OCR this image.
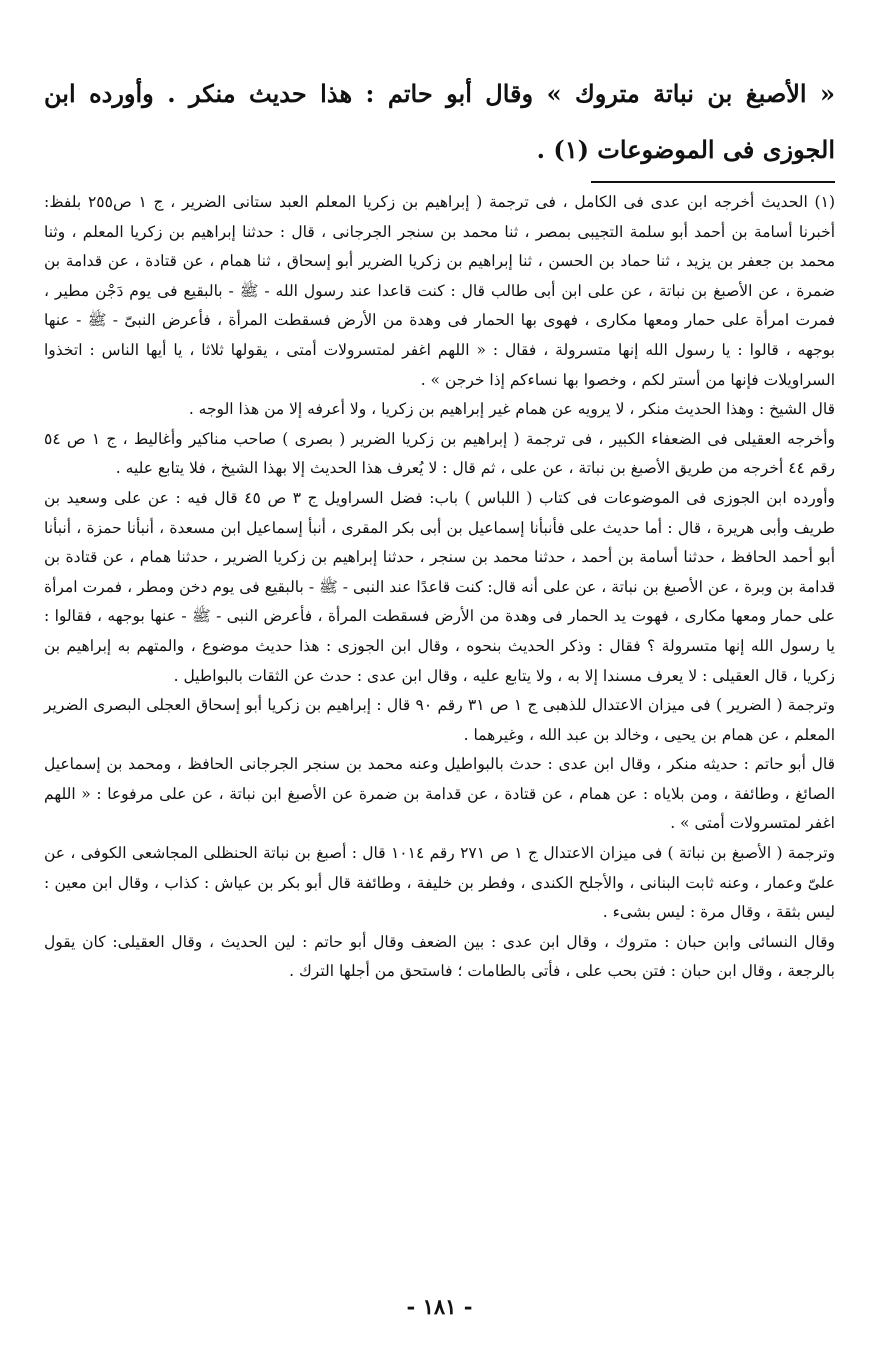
« الأصبغ بن نباتة متروك » وقال أبو حاتم : هذا حديث منكر . وأورده ابن الجوزى فى الموضوعات (١) .

(١) الحديث أخرجه ابن عدى فى الكامل ، فى ترجمة ( إبراهيم بن زكريا المعلم العبد ستانى الضرير ، ج ١ ص٢٥٥ بلفظ: أخبرنا أسامة بن أحمد أبو سلمة التجيبى بمصر ، ثنا محمد بن سنجر الجرجانى ، قال : حدثنا إبراهيم بن زكريا المعلم ، وثنا محمد بن جعفر بن يزيد ، ثنا حماد بن الحسن ، ثنا إبراهيم بن زكريا الضرير أبو إسحاق ، ثنا همام ، عن قتادة ، عن قدامة بن ضمرة ، عن الأصبغ بن نباتة ، عن على ابن أبى طالب قال : كنت قاعدا عند رسول الله - ﷺ - بالبقيع فى يوم دَجْن مطير ، فمرت امرأة على حمار ومعها مكارى ، فهوى بها الحمار فى وهدة من الأرض فسقطت المرأة ، فأعرض النبىّ - ﷺ - عنها بوجهه ، قالوا : يا رسول الله إنها متسرولة ، فقال : « اللهم اغفر لمتسرولات أمتى ، يقولها ثلاثا ، يا أيها الناس : اتخذوا السراويلات فإنها من أستر لكم ، وخصوا بها نساءكم إذا خرجن » .

قال الشيخ : وهذا الحديث منكر ، لا يرويه عن همام غير إبراهيم بن زكريا ، ولا أعرفه إلا من هذا الوجه .

وأخرجه العقيلى فى الضعفاء الكبير ، فى ترجمة ( إبراهيم بن زكريا الضرير ( بصرى ) صاحب مناكير وأغاليط ، ج ١ ص ٥٤ رقم ٤٤ أخرجه من طريق الأصبغ بن نباتة ، عن على ، ثم قال : لا يُعرف هذا الحديث إلا بهذا الشيخ ، فلا يتابع عليه .

وأورده ابن الجوزى فى الموضوعات فى كتاب ( اللباس ) باب: فضل السراويل ج ٣ ص ٤٥ قال فيه : عن على وسعيد بن طريف وأبى هريرة ، قال : أما حديث على فأنبأنا إسماعيل بن أبى بكر المقرى ، أنبأ إسماعيل ابن مسعدة ، أنبأنا حمزة ، أنبأنا أبو أحمد الحافظ ، حدثنا أسامة بن أحمد ، حدثنا محمد بن سنجر ، حدثنا إبراهيم بن زكريا الضرير ، حدثنا همام ، عن قتادة بن قدامة بن وبرة ، عن الأصبغ بن نباتة ، عن على أنه قال: كنت قاعدًا عند النبى - ﷺ - بالبقيع فى يوم دخن ومطر ، فمرت امرأة على حمار ومعها مكارى ، فهوت يد الحمار فى وهدة من الأرض فسقطت المرأة ، فأعرض النبى - ﷺ - عنها بوجهه ، فقالوا : يا رسول الله إنها متسرولة ؟ فقال : وذكر الحديث بنحوه ، وقال ابن الجوزى : هذا حديث موضوع ، والمتهم به إبراهيم بن زكريا ، قال العقيلى : لا يعرف مسندا إلا به ، ولا يتابع عليه ، وقال ابن عدى : حدث عن الثقات بالبواطيل .

وترجمة ( الضرير ) فى ميزان الاعتدال للذهبى ج ١ ص ٣١ رقم ٩٠ قال : إبراهيم بن زكريا أبو إسحاق العجلى البصرى الضرير المعلم ، عن همام بن يحيى ، وخالد بن عبد الله ، وغيرهما .

قال أبو حاتم : حديثه منكر ، وقال ابن عدى : حدث بالبواطيل وعنه محمد بن سنجر الجرجانى الحافظ ، ومحمد بن إسماعيل الصائغ ، وطائفة ، ومن بلاياه : عن همام ، عن قتادة ، عن قدامة بن ضمرة عن الأصبغ ابن نباتة ، عن على مرفوعا : « اللهم اغفر لمتسرولات أمتى » .

وترجمة ( الأصبغ بن نباتة ) فى ميزان الاعتدال ج ١ ص ٢٧١ رقم ١٠١٤ قال : أصبغ بن نباتة الحنظلى المجاشعى الكوفى ، عن علىّ وعمار ، وعنه ثابت البنانى ، والأجلح الكندى ، وفطر بن خليفة ، وطائفة قال أبو بكر بن عياش : كذاب ، وقال ابن معين : ليس بثقة ، وقال مرة : ليس بشىء .

وقال النسائى وابن حبان : متروك ، وقال ابن عدى : بين الضعف وقال أبو حاتم : لين الحديث ، وقال العقيلى: كان يقول بالرجعة ، وقال ابن حبان : فتن بحب على ، فأتى بالطامات ؛ فاستحق من أجلها الترك .

- ١٨١ -
